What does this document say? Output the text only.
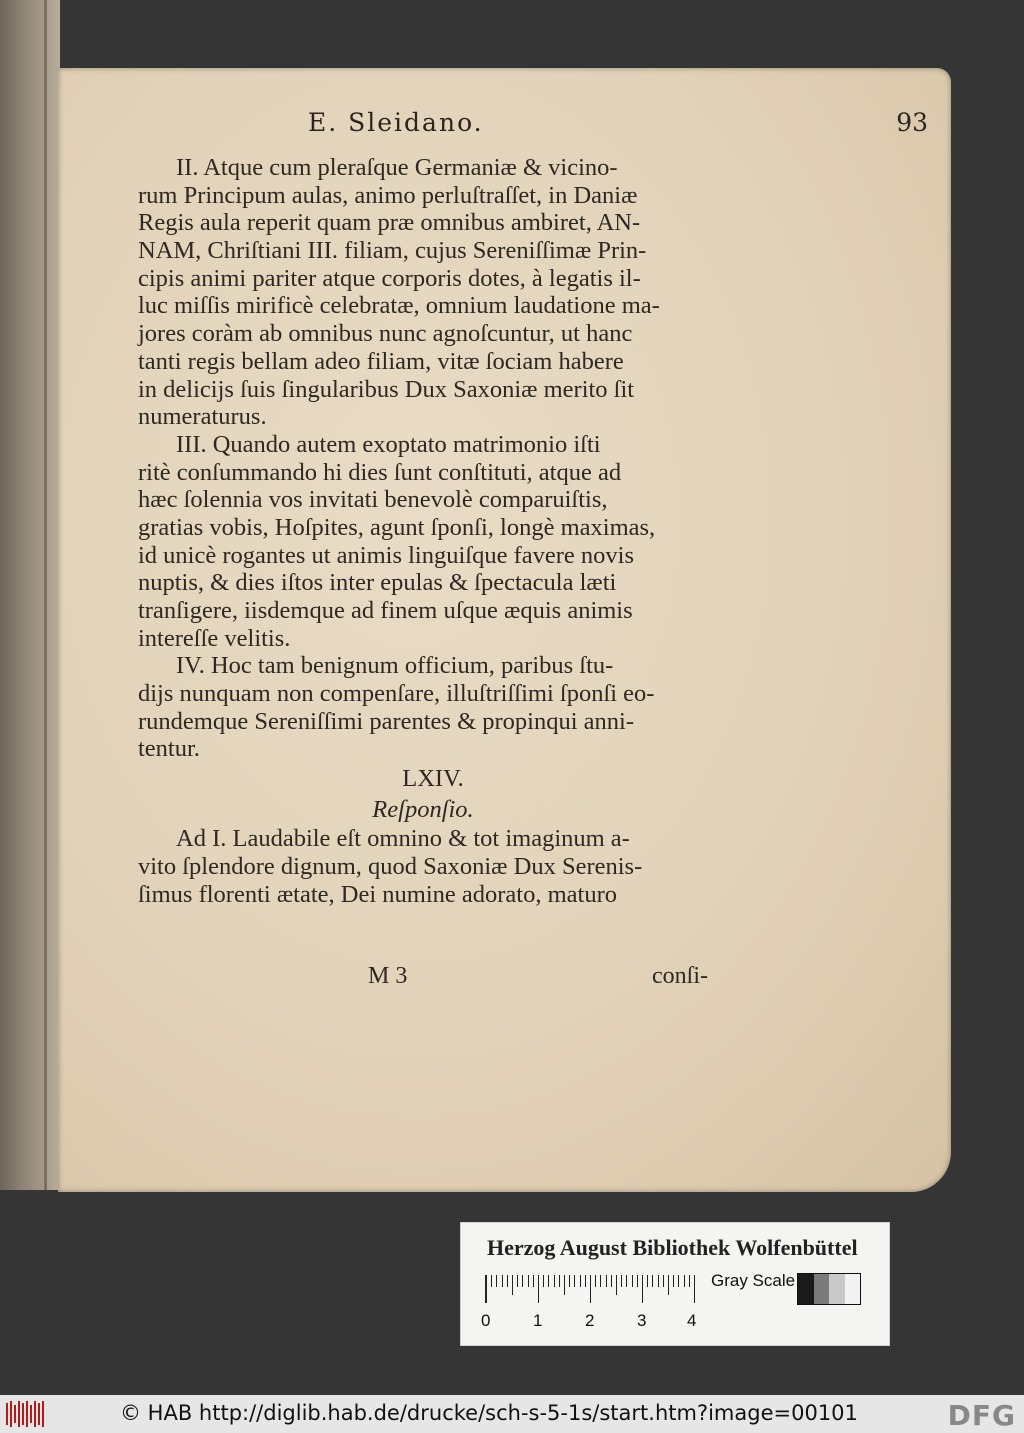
E. Sleidano.	93
II. Atque cum pleraſque Germaniæ & vicino-
rum Principum aulas, animo perluſtraſſet, in Daniæ
Regis aula reperit quam præ omnibus ambiret, AN-
NAM, Chriſtiani III. filiam, cujus Sereniſſimæ Prin-
cipis animi pariter atque corporis dotes, à legatis il-
luc miſſis mirificè celebratæ, omnium laudatione ma-
jores coràm ab omnibus nunc agnoſcuntur, ut hanc
tanti regis bellam adeo filiam, vitæ ſociam habere
in delicijs ſuis ſingularibus Dux Saxoniæ merito ſit
numeraturus.
III. Quando autem exoptato matrimonio iſti
ritè conſummando hi dies ſunt conſtituti, atque ad
hæc ſolennia vos invitati benevolè comparuiſtis,
gratias vobis, Hoſpites, agunt ſponſi, longè maximas,
id unicè rogantes ut animis linguiſque favere novis
nuptis, & dies iſtos inter epulas & ſpectacula læti
tranſigere, iisdemque ad finem uſque æquis animis
intereſſe velitis.
IV. Hoc tam benignum officium, paribus ſtu-
dijs nunquam non compenſare, illuſtriſſimi ſponſi eo-
rundemque Sereniſſimi parentes & propinqui anni-
tentur.
LXIV.
Reſponſio.
Ad I. Laudabile eſt omnino & tot imaginum a-
vito ſplendore dignum, quod Saxoniæ Dux Serenis-
ſimus florenti ætate, Dei numine adorato, maturo
M 3	conſi-
Herzog August Bibliothek Wolfenbüttel
0	1	2	3 4
Gray Scale
© HAB http://diglib.hab.de/drucke/sch-s-5-1s/start.htm?image=00101	DFG
